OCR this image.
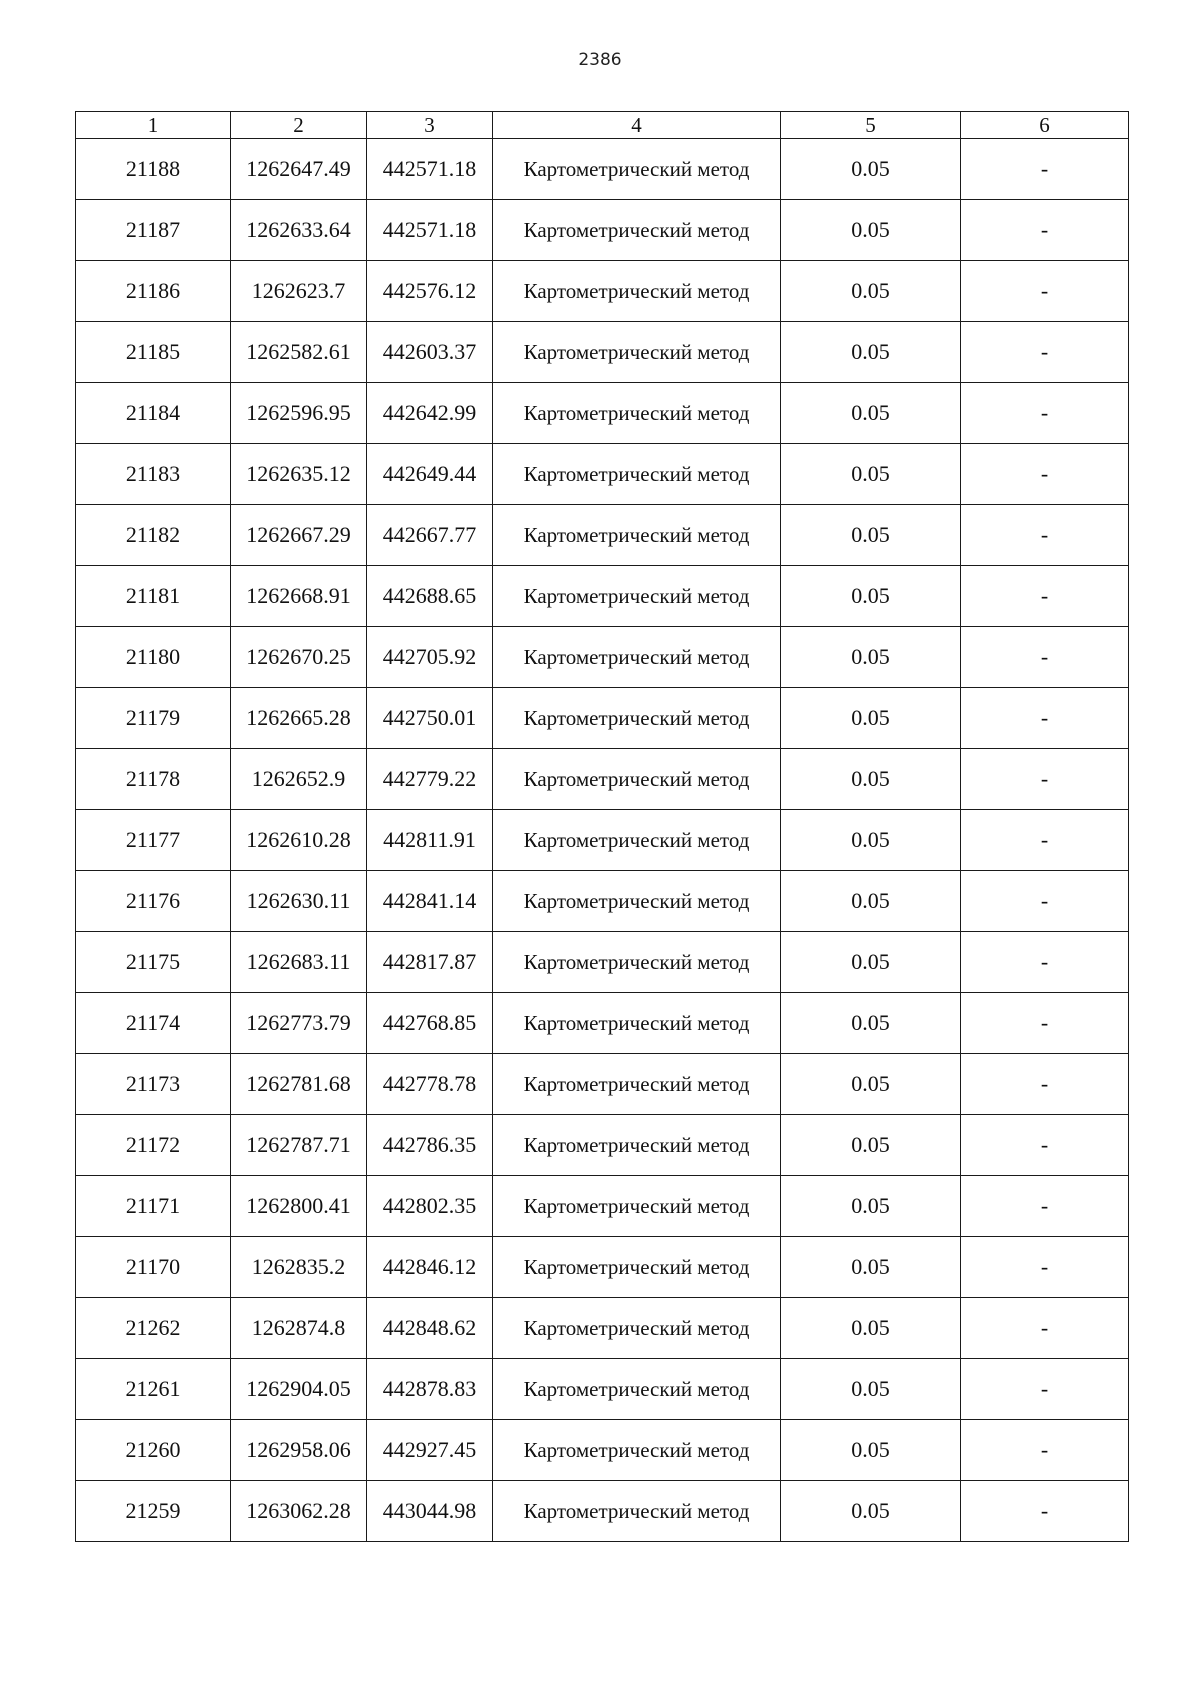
2386
1	2	3	4	5	6
21188	1262647.49	442571.18	Картометрический метод	0.05	-
21187	1262633.64	442571.18	Картометрический метод	0.05	-
21186	1262623.7	442576.12	Картометрический метод	0.05	-
21185	1262582.61	442603.37	Картометрический метод	0.05	-
21184	1262596.95	442642.99	Картометрический метод	0.05	-
21183	1262635.12	442649.44	Картометрический метод	0.05	-
21182	1262667.29	442667.77	Картометрический метод	0.05	-
21181	1262668.91	442688.65	Картометрический метод	0.05	-
21180	1262670.25	442705.92	Картометрический метод	0.05	-
21179	1262665.28	442750.01	Картометрический метод	0.05	-
21178	1262652.9	442779.22	Картометрический метод	0.05	-
21177	1262610.28	442811.91	Картометрический метод	0.05	-
21176	1262630.11	442841.14	Картометрический метод	0.05	-
21175	1262683.11	442817.87	Картометрический метод	0.05	-
21174	1262773.79	442768.85	Картометрический метод	0.05	-
21173	1262781.68	442778.78	Картометрический метод	0.05	-
21172	1262787.71	442786.35	Картометрический метод	0.05	-
21171	1262800.41	442802.35	Картометрический метод	0.05	-
21170	1262835.2	442846.12	Картометрический метод	0.05	-
21262	1262874.8	442848.62	Картометрический метод	0.05	-
21261	1262904.05	442878.83	Картометрический метод	0.05	-
21260	1262958.06	442927.45	Картометрический метод	0.05	-
21259	1263062.28	443044.98	Картометрический метод	0.05	-
